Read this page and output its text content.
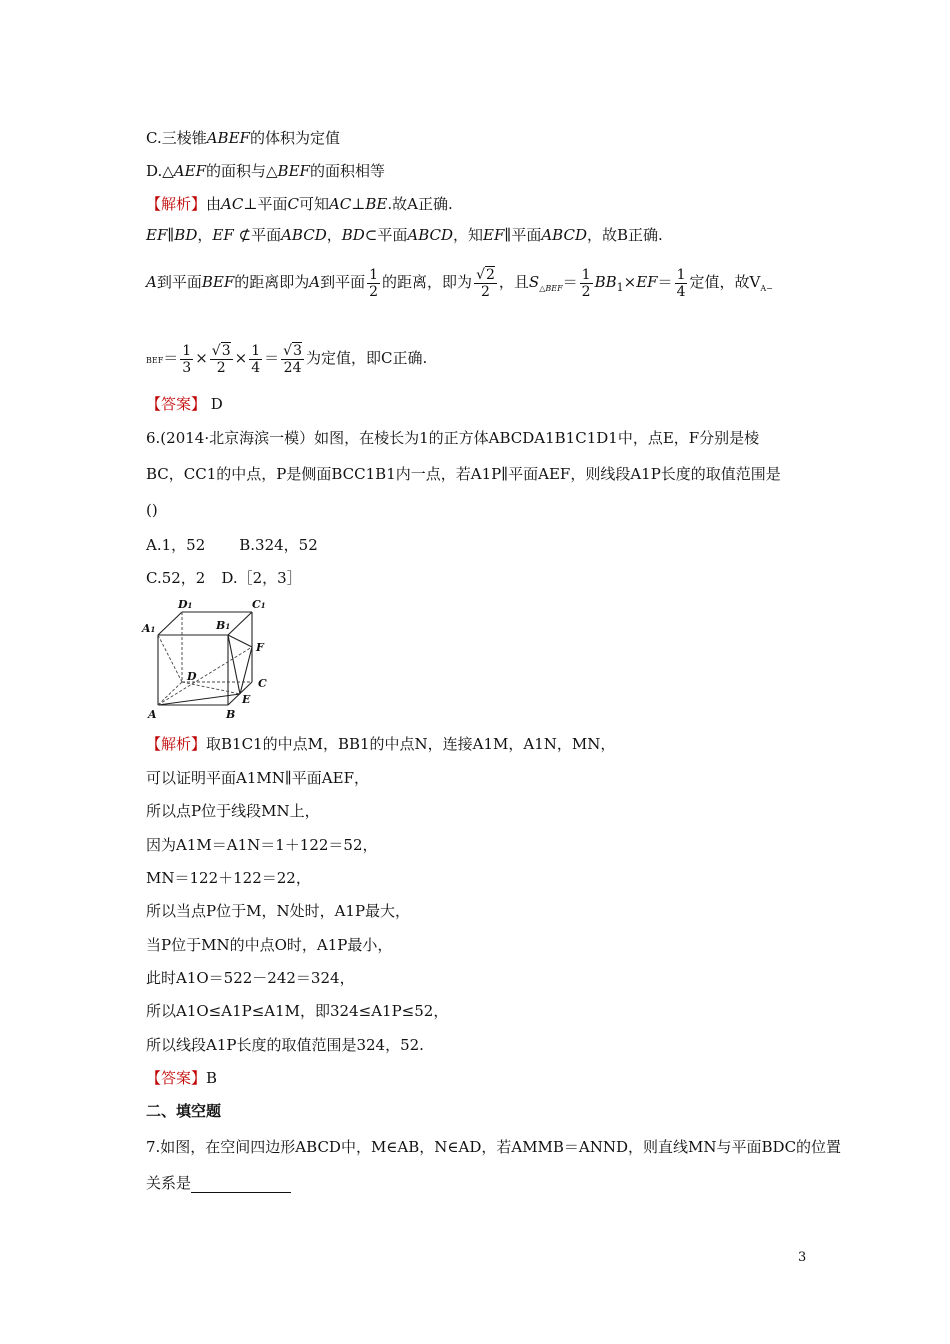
C.三棱锥ABEF的体积为定值
D.△AEF的面积与△BEF的面积相等
【解析】由AC⊥平面C可知AC⊥BE.故A正确.
EF∥BD，EF ⊄平面ABCD，BD⊂平面ABCD，知EF∥平面ABCD，故B正确.
A到平面BEF的距离即为A到平面 $\frac{1}{2}$ 的距离，即为 $\frac{√2}{2}$ ，且$S_{\triangle BEF}= \frac{1}{2} BB_1\times EF= \frac{1}{4}$ 定值，故$V_{A-}$
$BEF= \frac{1}{3} \times \frac{√3}{2} \times \frac{1}{4} = \frac{√3}{24}$ 为定值，即C正确.
【答案】 D
6.(2014·北京海滨一模）如图，在棱长为1的正方体ABCDA1B1C1D1中，点E，F分别是棱
BC，CC1的中点，P是侧面BCC1B1内一点，若A1P∥平面AEF，则线段A1P长度的取值范围是
()
A.1，52 B.324，52
C.52，2 D.［2，3］
D1	C1
A1	B1
F
D
C
E
A	B
【解析】取B1C1的中点M，BB1的中点N，连接A1M，A1N，MN，
可以证明平面A1MN∥平面AEF，
所以点P位于线段MN上，
因为A1M＝A1N＝1＋122＝52，
MN＝122＋122＝22，
所以当点P位于M，N处时，A1P最大，
当P位于MN的中点O时，A1P最小，
此时A1O＝522－242＝324，
所以A1O≤A1P≤A1M，即324≤A1P≤52，
所以线段A1P长度的取值范围是324，52.
【答案】B
二、填空题
7.如图，在空间四边形ABCD中，M∈AB，N∈AD，若AMMB＝ANND，则直线MN与平面BDC的位置
关系是
3
